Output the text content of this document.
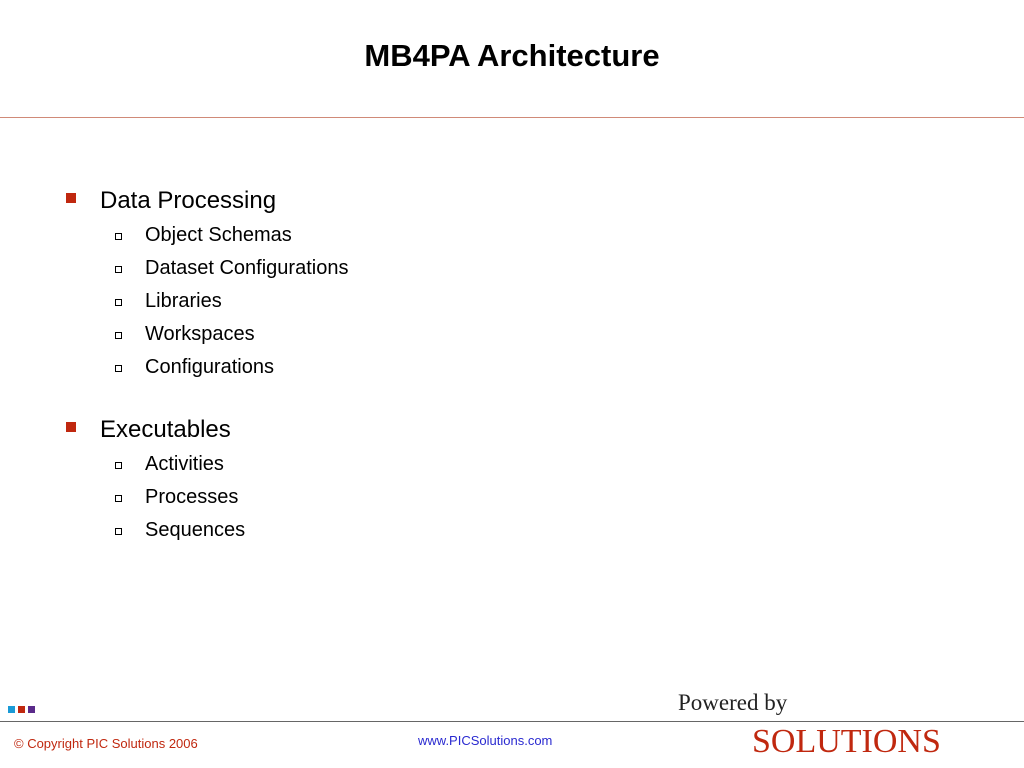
MB4PA Architecture
Data Processing
Object Schemas
Dataset Configurations
Libraries
Workspaces
Configurations
Executables
Activities
Processes
Sequences
© Copyright PIC Solutions 2006	www.PICSolutions.com
Powered by
SOLUTIONS
